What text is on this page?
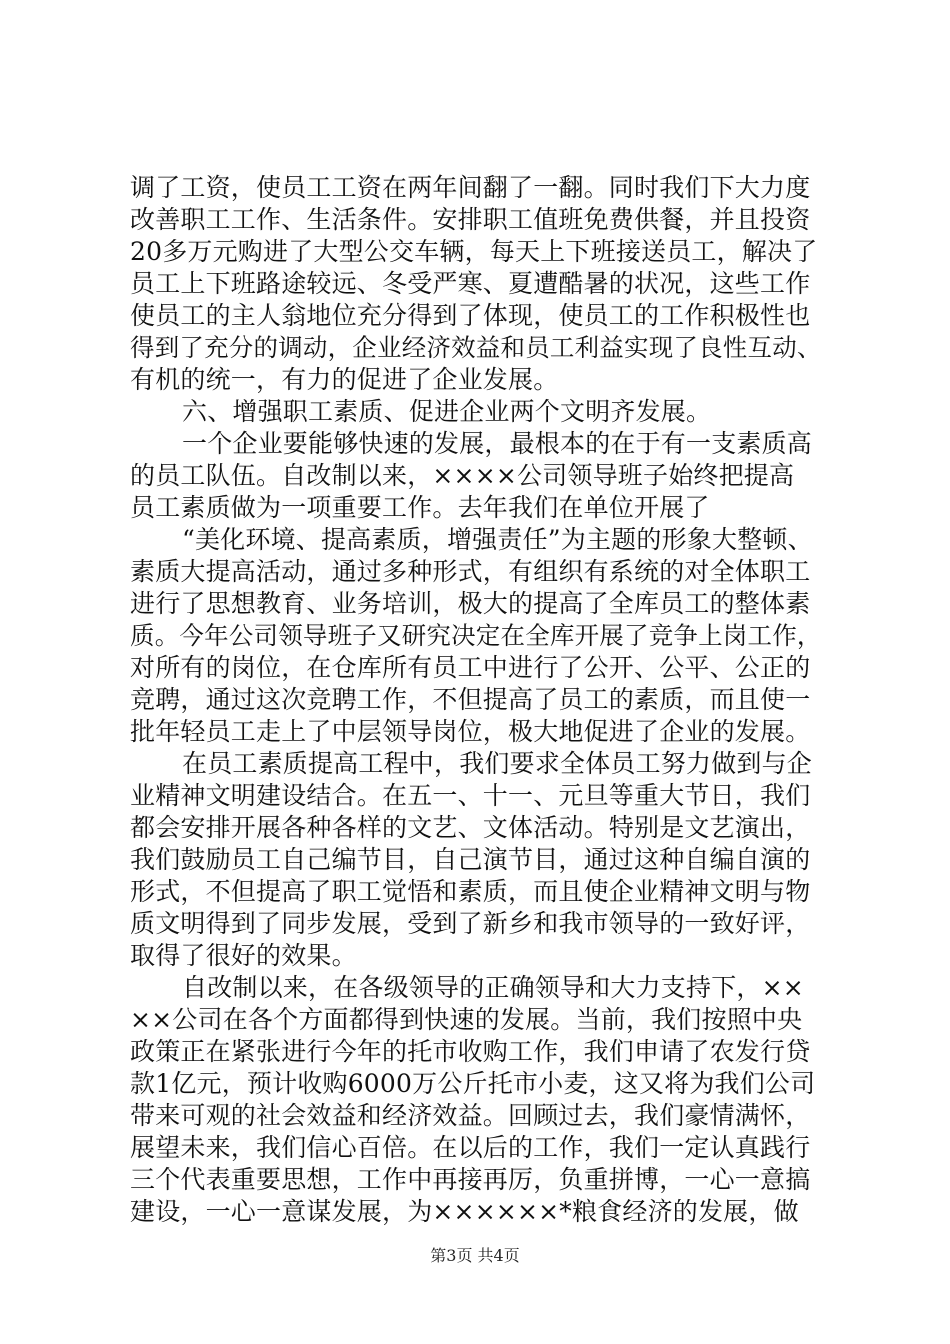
调了工资，使员工工资在两年间翻了一翻。同时我们下大力度
改善职工工作、生活条件。安排职工值班免费供餐，并且投资
20多万元购进了大型公交车辆，每天上下班接送员工，解决了
员工上下班路途较远、冬受严寒、夏遭酷暑的状况，这些工作
使员工的主人翁地位充分得到了体现，使员工的工作积极性也
得到了充分的调动，企业经济效益和员工利益实现了良性互动、
有机的统一，有力的促进了企业发展。
六、增强职工素质、促进企业两个文明齐发展。
一个企业要能够快速的发展，最根本的在于有一支素质高
的员工队伍。自改制以来，××××公司领导班子始终把提高
员工素质做为一项重要工作。去年我们在单位开展了
“美化环境、提高素质，增强责任”为主题的形象大整顿、
素质大提高活动，通过多种形式，有组织有系统的对全体职工
进行了思想教育、业务培训，极大的提高了全库员工的整体素
质。今年公司领导班子又研究决定在全库开展了竞争上岗工作，
对所有的岗位，在仓库所有员工中进行了公开、公平、公正的
竞聘，通过这次竞聘工作，不但提高了员工的素质，而且使一
批年轻员工走上了中层领导岗位，极大地促进了企业的发展。
在员工素质提高工程中，我们要求全体员工努力做到与企
业精神文明建设结合。在五一、十一、元旦等重大节日，我们
都会安排开展各种各样的文艺、文体活动。特别是文艺演出，
我们鼓励员工自己编节目，自己演节目，通过这种自编自演的
形式，不但提高了职工觉悟和素质，而且使企业精神文明与物
质文明得到了同步发展，受到了新乡和我市领导的一致好评，
取得了很好的效果。
自改制以来，在各级领导的正确领导和大力支持下，××
××公司在各个方面都得到快速的发展。当前，我们按照中央
政策正在紧张进行今年的托市收购工作，我们申请了农发行贷
款1亿元，预计收购6000万公斤托市小麦，这又将为我们公司
带来可观的社会效益和经济效益。回顾过去，我们豪情满怀，
展望未来，我们信心百倍。在以后的工作，我们一定认真践行
三个代表重要思想，工作中再接再厉，负重拼博，一心一意搞
建设，一心一意谋发展，为××××××*粮食经济的发展，做
第3页 共4页
